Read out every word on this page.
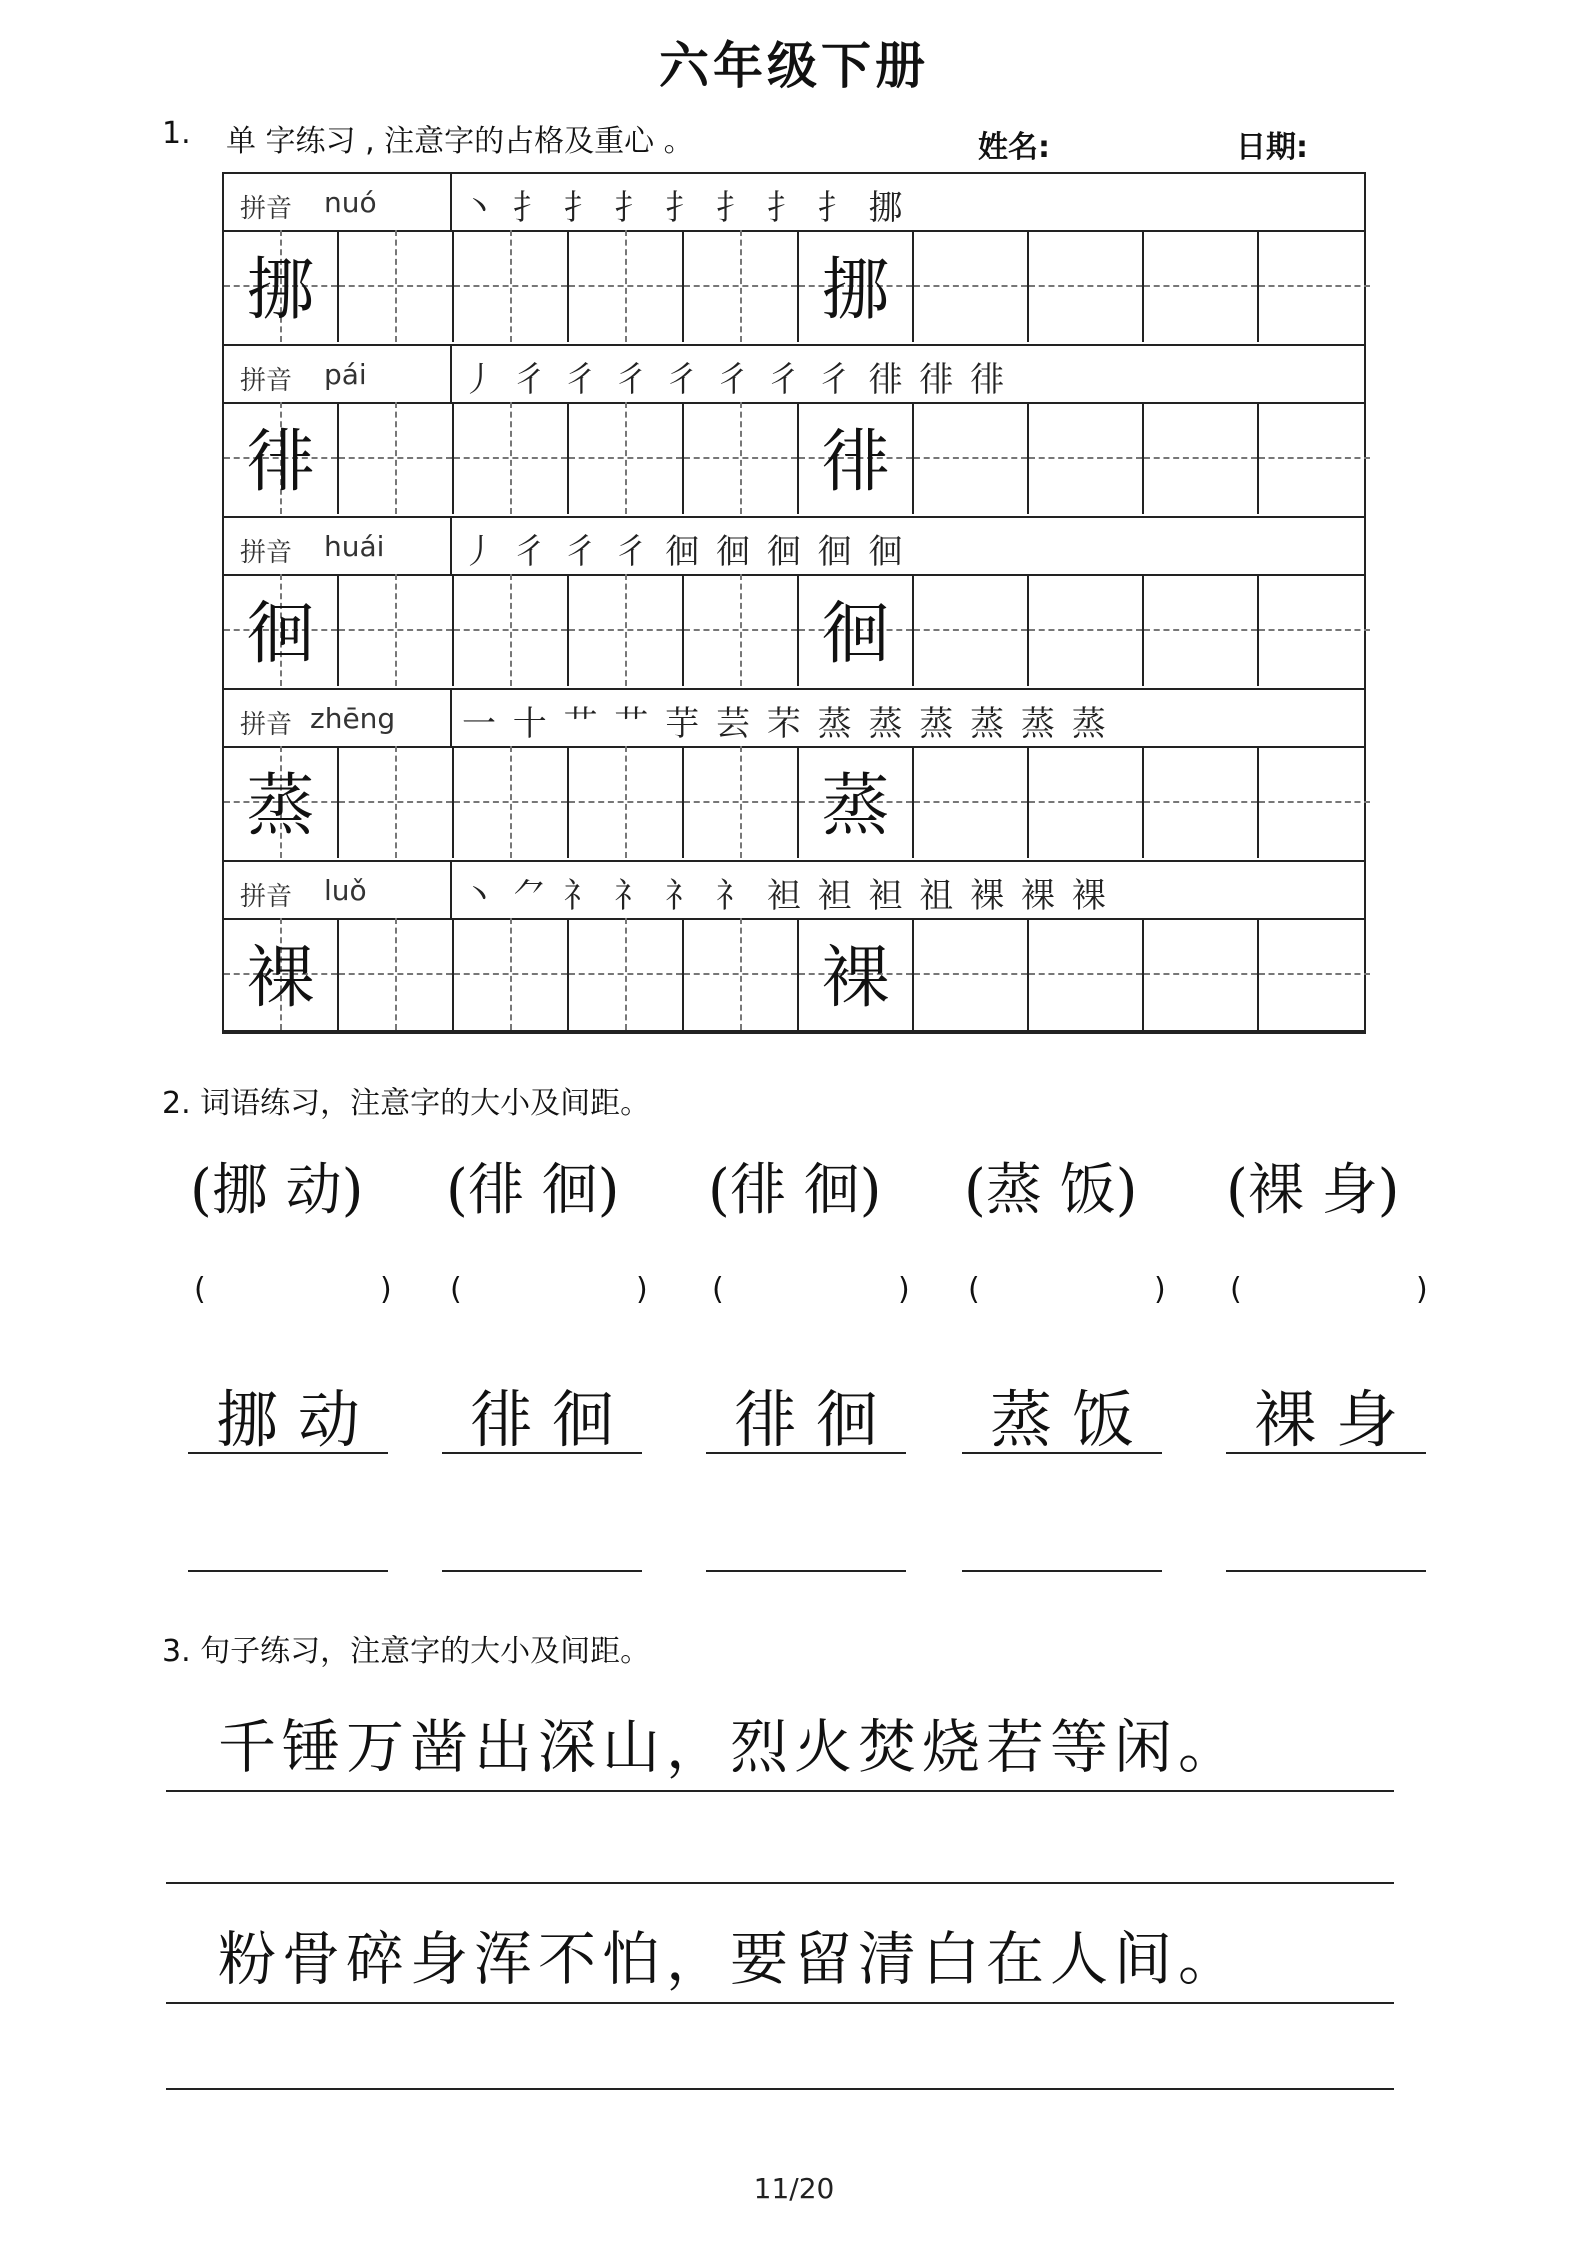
六年级下册
1. 单 字练习 , 注意字的占格及重心 。	姓名:	日期:
拼音 nuó	丶 扌 扌 扌 扌 扌 扌 扌 挪
挪	挪
拼音 pái	丿 彳 彳 彳 彳 彳 彳 彳 徘 徘 徘
徘	徘
拼音 huái 丿 彳 彳 彳 徊 徊 徊 徊 徊
徊	徊
拼音 zhēng 一 十 艹 艹 芋 芸 芣 蒸 蒸 蒸 蒸 蒸 蒸
蒸	蒸
拼音 luǒ	丶 ⺈ 礻 礻 礻 礻 袒 袒 袒 祖 裸 裸 裸
裸	裸
2. 词语练习，注意字的大小及间距。
(挪 动)
(	)
挪 动
(徘 徊)
(	)
徘 徊
(徘 徊)
(	)
徘 徊
(蒸 饭)
(	)
蒸 饭
(裸 身)
(	)
裸 身
3. 句子练习，注意字的大小及间距。
千锤万凿出深山，烈火焚烧若等闲。
粉骨碎身浑不怕，要留清白在人间。
11/20
